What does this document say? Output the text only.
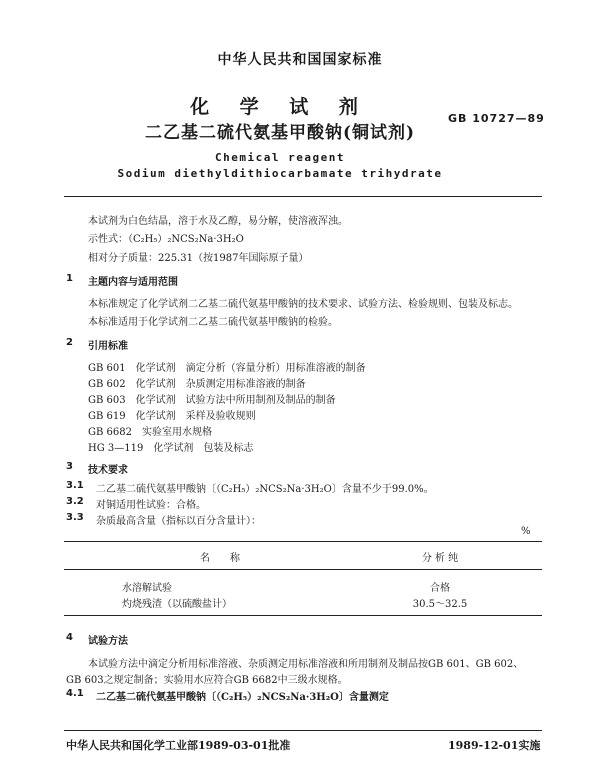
中华人民共和国国家标准
化 学 试 剂
二乙基二硫代氨基甲酸钠(铜试剂)
GB 10727—89
Chemical reagent
Sodium diethyldithiocarbamate trihydrate
本试剂为白色结晶，溶于水及乙醇，易分解，使溶液浑浊。
示性式：（C₂H₅）₂NCS₂Na·3H₂O
相对分子质量：225.31（按1987年国际原子量）
1 主题内容与适用范围
本标准规定了化学试剂二乙基二硫代氨基甲酸钠的技术要求、试验方法、检验规则、包装及标志。
本标准适用于化学试剂二乙基二硫代氨基甲酸钠的检验。
2 引用标准
GB 601　化学试剂　滴定分析（容量分析）用标准溶液的制备
GB 602　化学试剂　杂质测定用标准溶液的制备
GB 603　化学试剂　试验方法中所用制剂及制品的制备
GB 619　化学试剂　采样及验收规则
GB 6682　实验室用水规格
HG 3—119　化学试剂　包装及标志
3 技术要求
3.1 二乙基二硫代氨基甲酸钠〔（C₂H₅）₂NCS₂Na·3H₂O〕含量不少于99.0%。
3.2 对铜适用性试验：合格。
3.3 杂质最高含量（指标以百分含量计）：
%
名　　称	分 析 纯
水溶解试验	合格
灼烧残渣（以硫酸盐计）	30.5～32.5
4 试验方法
本试验方法中滴定分析用标准溶液、杂质测定用标准溶液和所用制剂及制品按GB 601、GB 602、
GB 603之规定制备；实验用水应符合GB 6682中三级水规格。
4.1 二乙基二硫代氨基甲酸钠〔（C₂H₅）₂NCS₂Na·3H₂O〕含量测定
中华人民共和国化学工业部1989-03-01批准	1989-12-01实施
